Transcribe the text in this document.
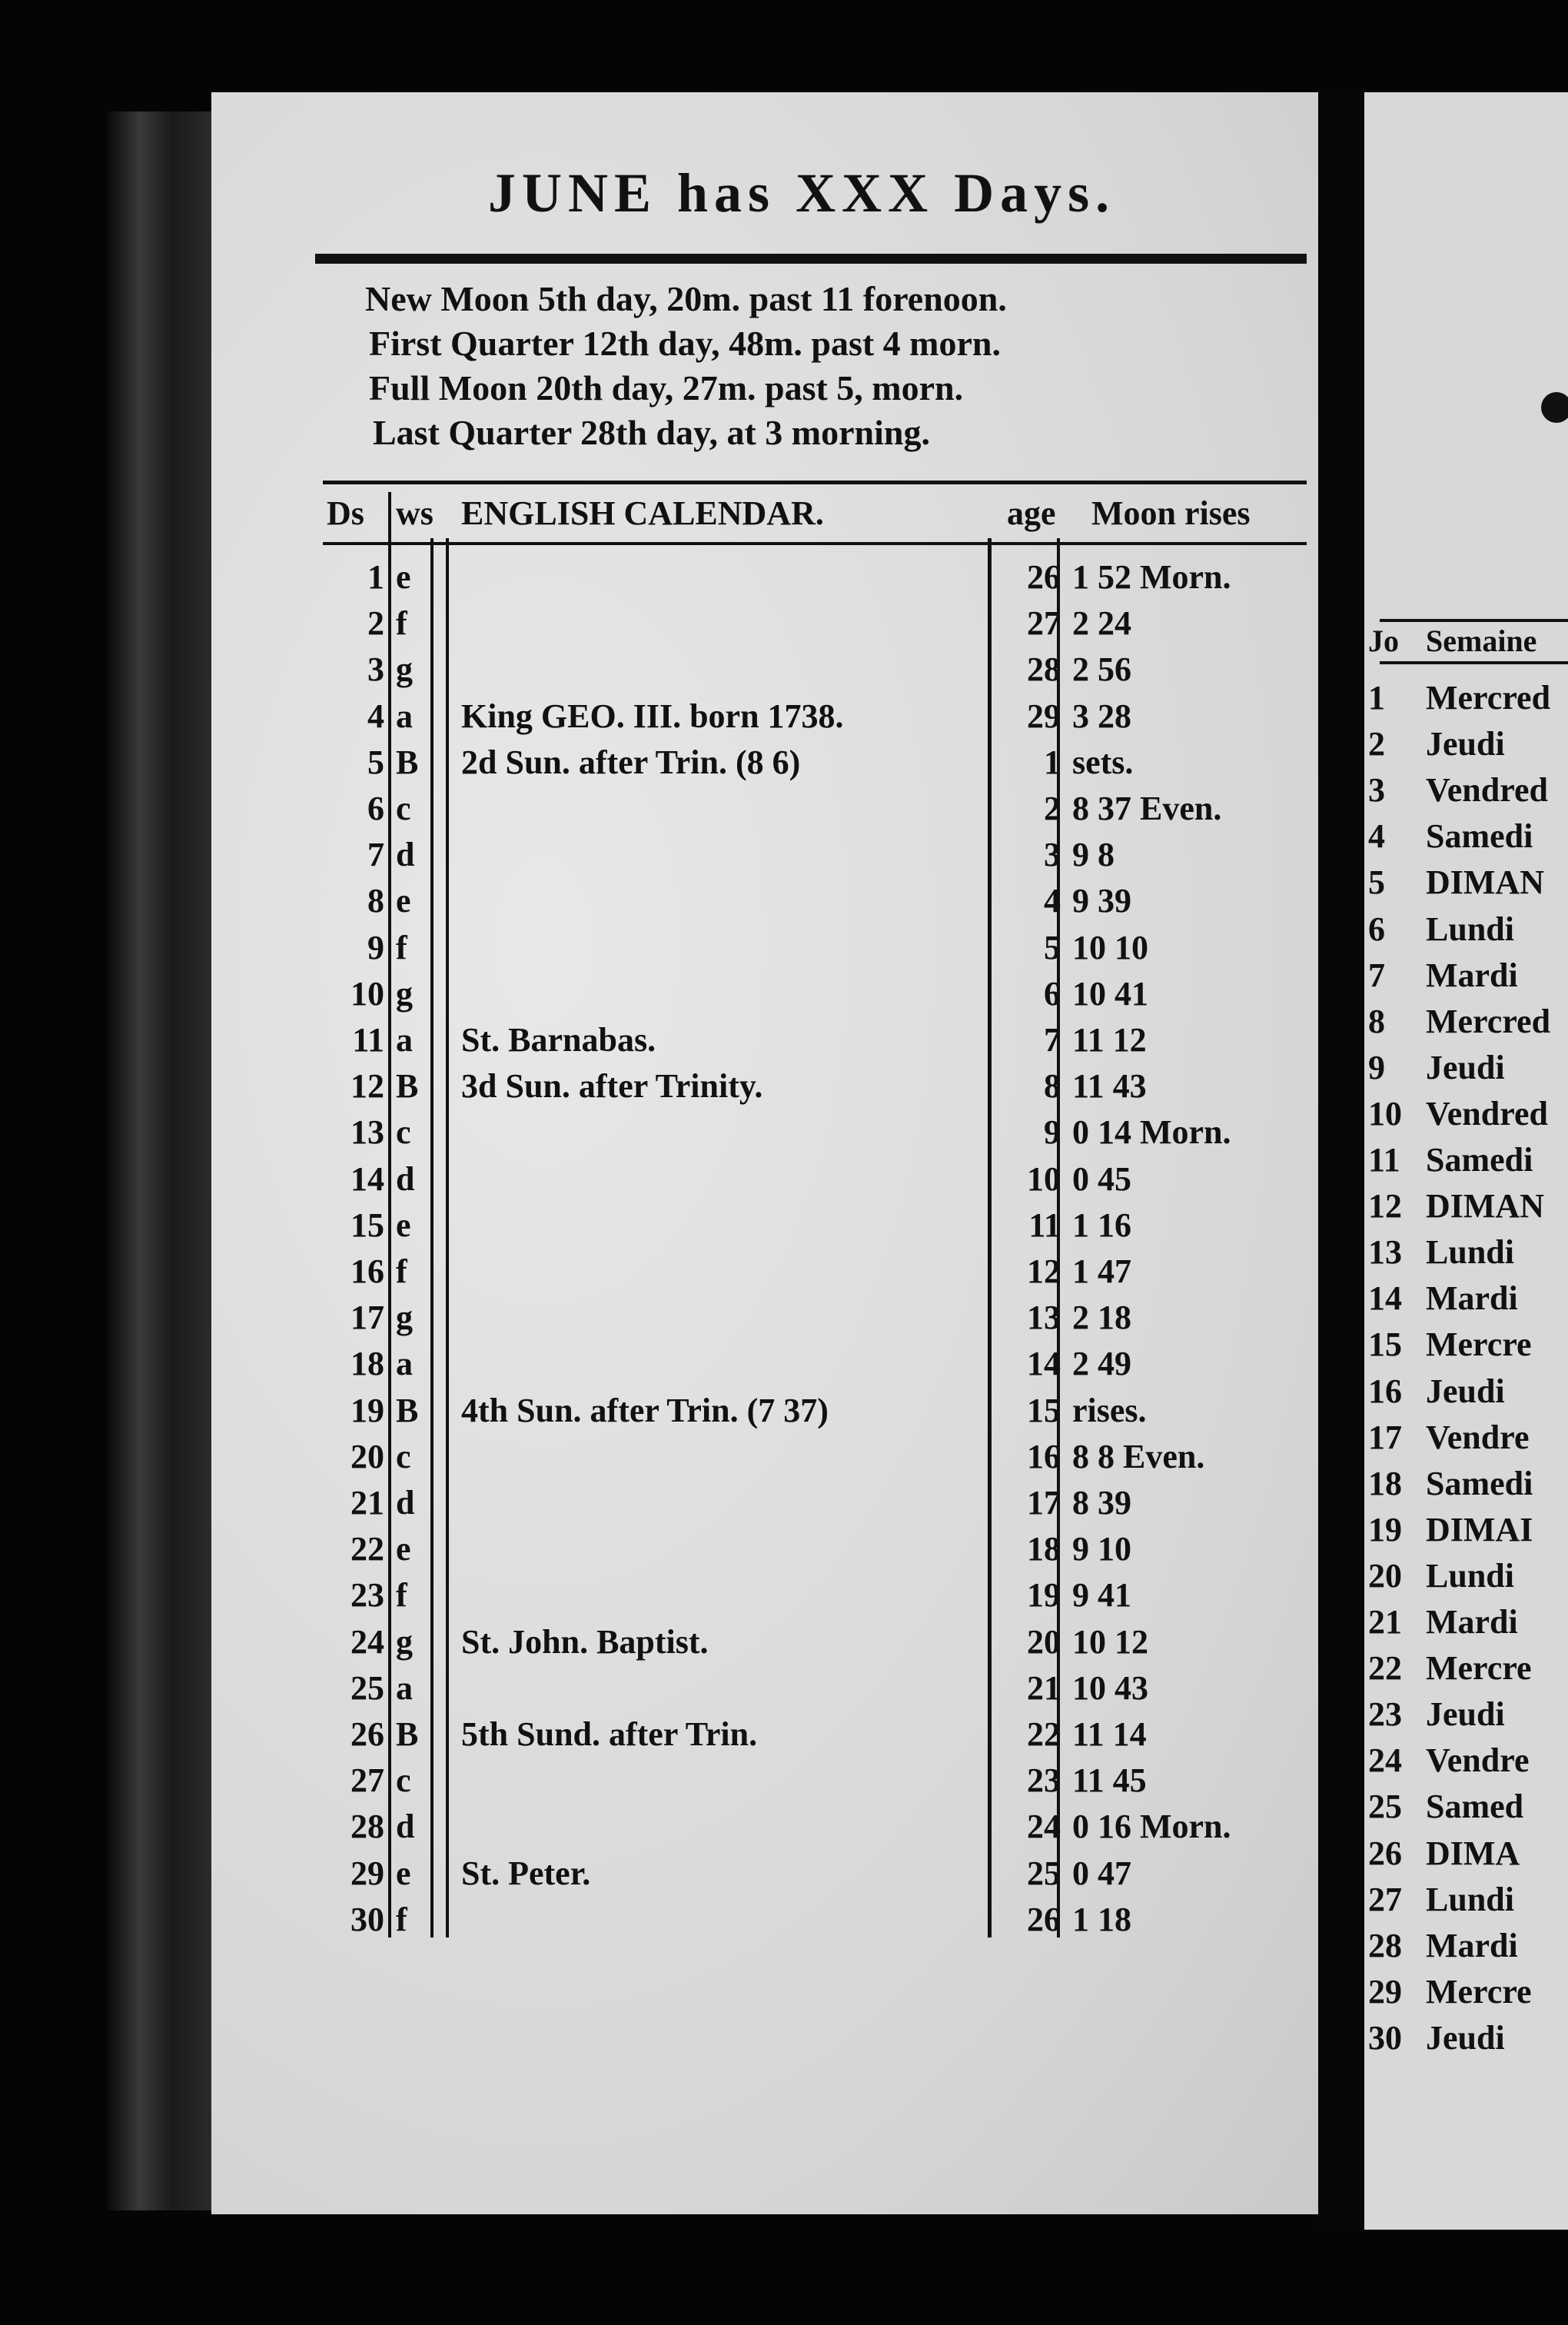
Jo Semaine
1 Mercred
2 Jeudi
3 Vendred
4 Samedi
5 DIMAN
6 Lundi
7 Mardi
8 Mercred
9 Jeudi
10 Vendred
11 Samedi
12 DIMAN
13 Lundi
14 Mardi
15 Mercre
16 Jeudi
17 Vendre
18 Samedi
19 DIMAI
20 Lundi
21 Mardi
22 Mercre
23 Jeudi
24 Vendre
25 Samed
26 DIMA
27 Lundi
28 Mardi
29 Mercre
30 Jeudi
JUNE has XXX Days.
New Moon 5th day, 20m. past 11 forenoon.
First Quarter 12th day, 48m. past 4 morn.
Full Moon 20th day, 27m. past 5, morn.
Last Quarter 28th day, at 3 morning.
Ds ws ENGLISH CALENDAR.	age Moon rises
1 e	26 1 52 Morn.
2 f	27 2 24
3 g	28 2 56
4 a	King GEO. III. born 1738.	29 3 28
5 B 2d Sun. after Trin. (8 6)	1 sets.
6 c	2 8 37 Even.
7 d	3 9 8
8 e	4 9 39
9 f	5 10 10
10 g	6 10 41
11 a	St. Barnabas.	7 11 12
12 B 3d Sun. after Trinity.	8 11 43
13 c	9 0 14 Morn.
14 d	10 0 45
15 e	11 1 16
16 f	12 1 47
17 g	13 2 18
18 a	14 2 49
19 B 4th Sun. after Trin. (7 37)	15 rises.
20 c	16 8 8 Even.
21 d	17 8 39
22 e	18 9 10
23 f	19 9 41
24 g	St. John. Baptist.	20 10 12
25 a	21 10 43
26 B 5th Sund. after Trin.	22 11 14
27 c	23 11 45
28 d	24 0 16 Morn.
29 e	St. Peter.	25 0 47
30 f	26 1 18
